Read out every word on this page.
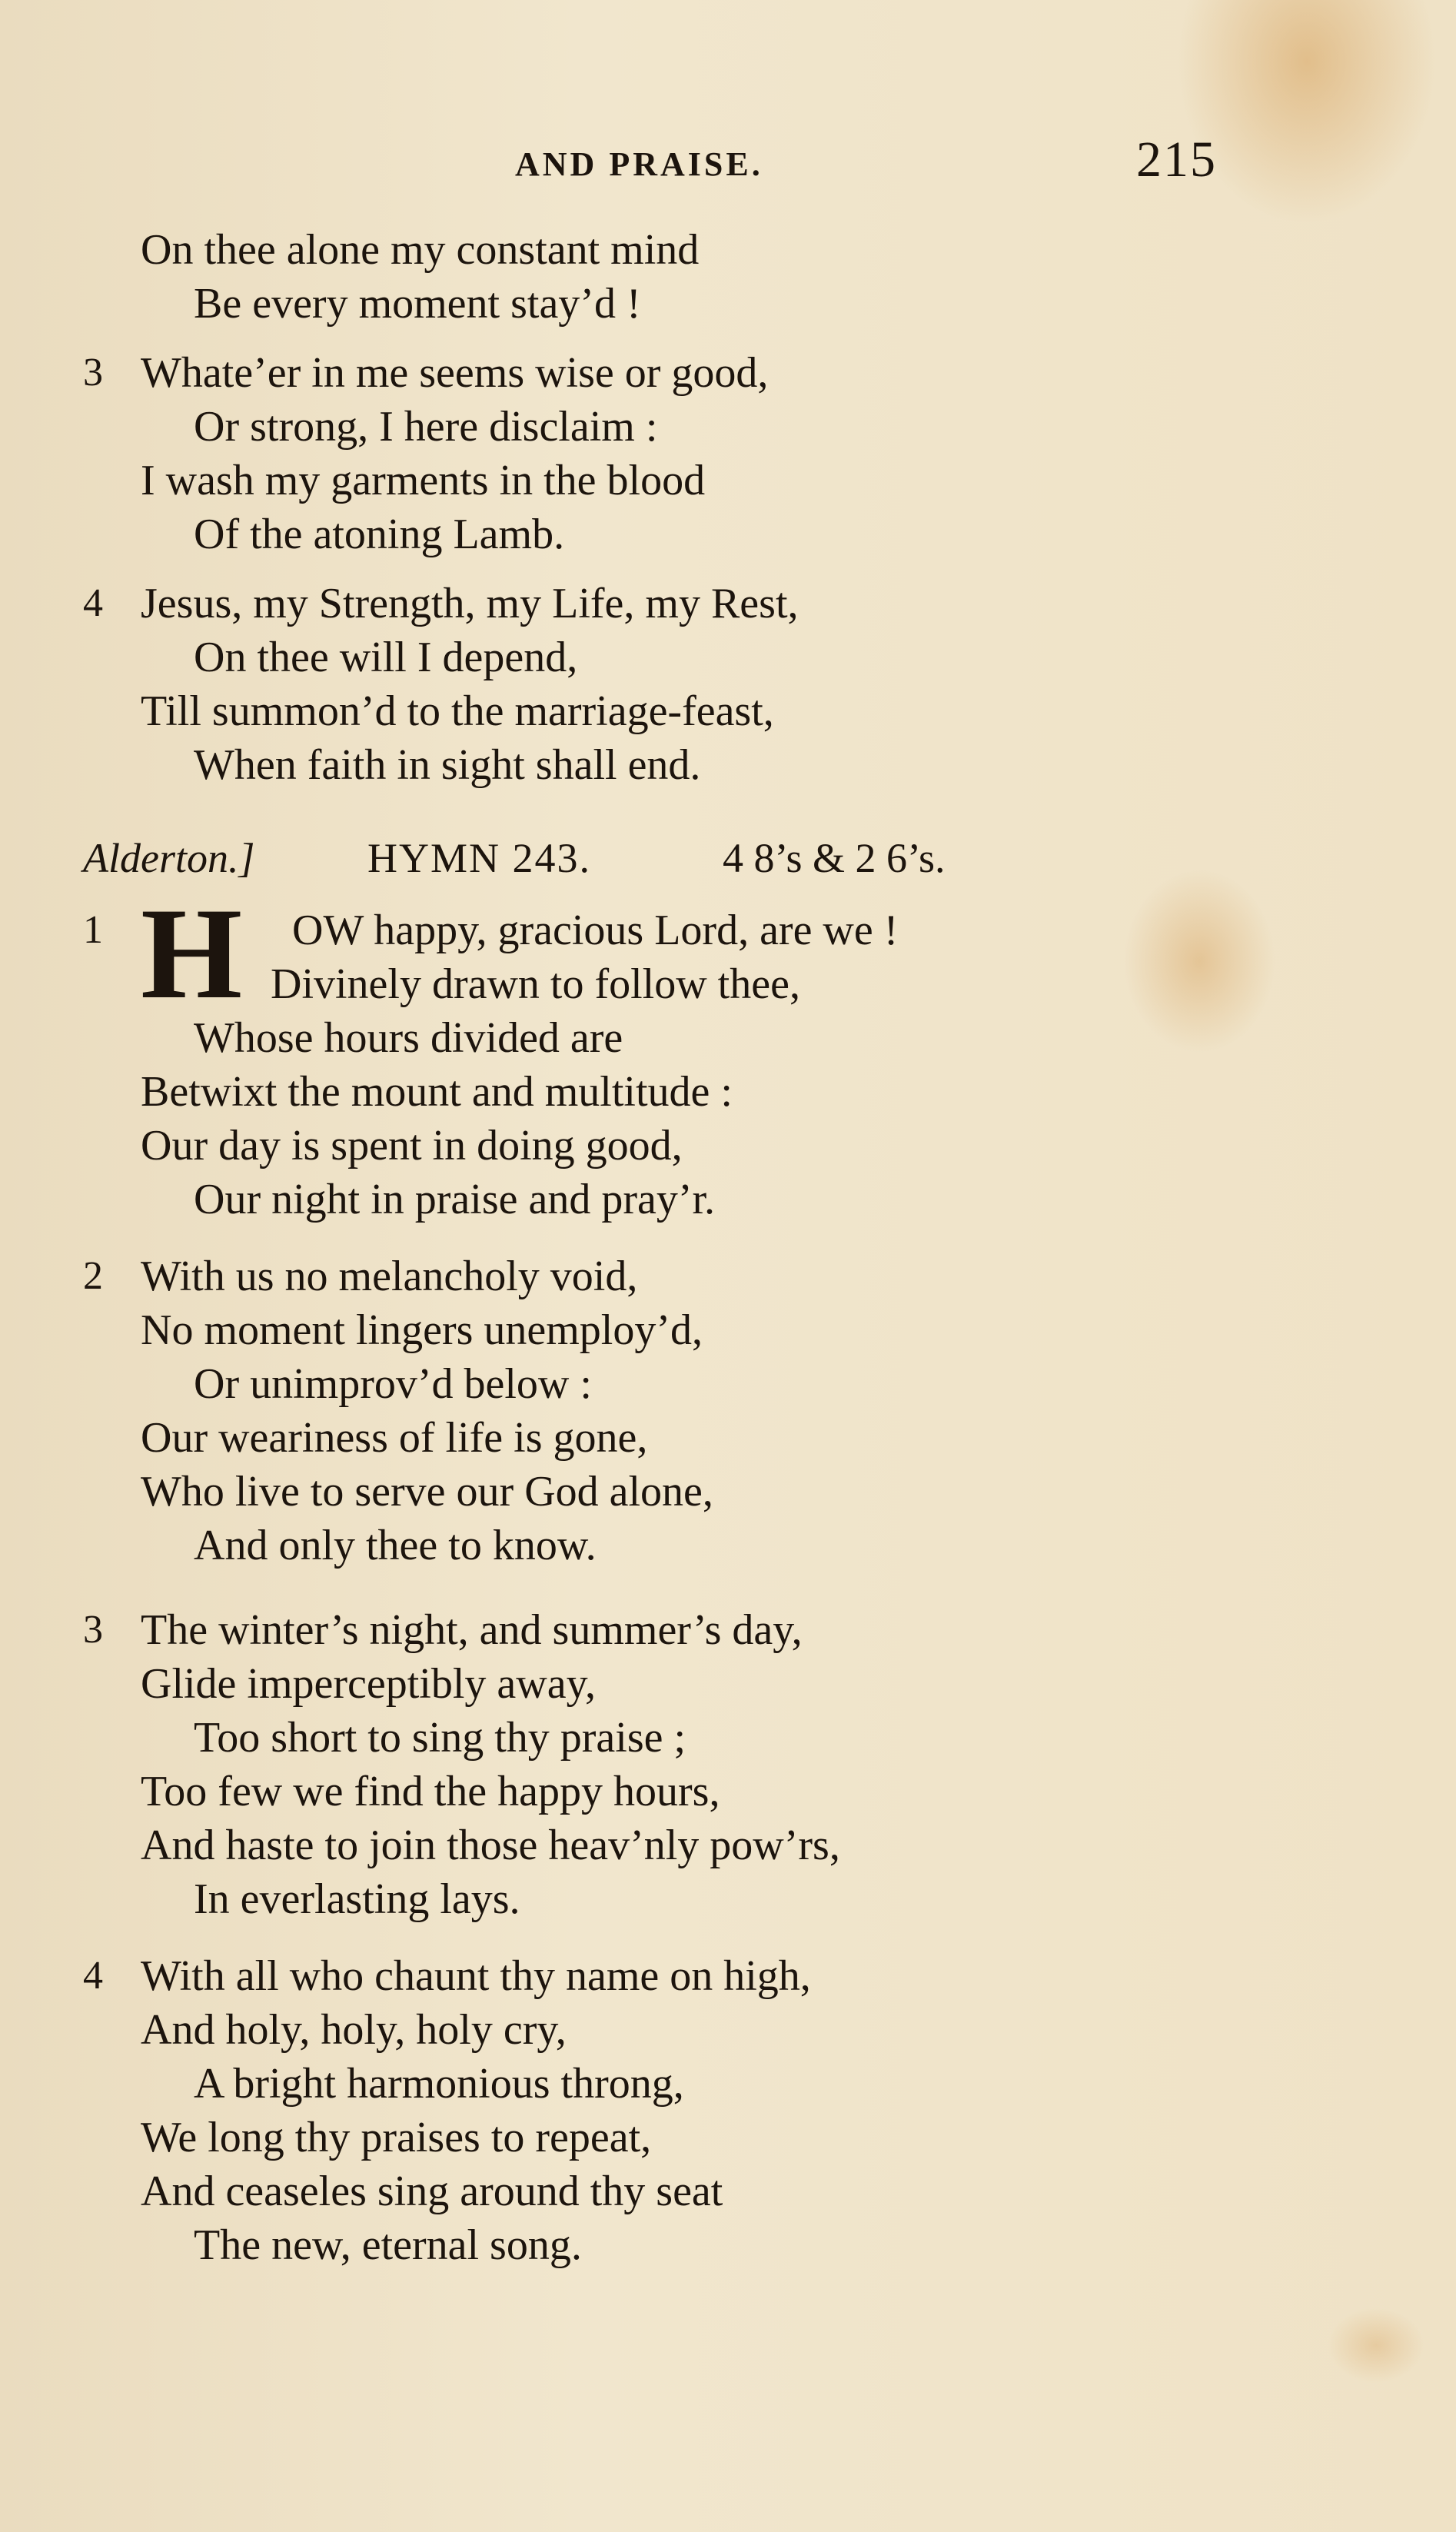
AND PRAISE.	215
On thee alone my constant mind
Be every moment stay’d !
3 Whate’er in me seems wise or good,
Or strong, I here disclaim :
I wash my garments in the blood
Of the atoning Lamb.
4 Jesus, my Strength, my Life, my Rest,
On thee will I depend,
Till summon’d to the marriage-feast,
When faith in sight shall end.
Alderton.]	HYMN 243.	4 8’s & 2 6’s.
1	OW happy, gracious Lord, are we !
Divinely drawn to follow thee,
Whose hours divided are
Betwixt the mount and multitude :
Our day is spent in doing good,
Our night in praise and pray’r.
H
2 With us no melancholy void,
No moment lingers unemploy’d,
Or unimprov’d below :
Our weariness of life is gone,
Who live to serve our God alone,
And only thee to know.
3 The winter’s night, and summer’s day,
Glide imperceptibly away,
Too short to sing thy praise ;
Too few we find the happy hours,
And haste to join those heav’nly pow’rs,
In everlasting lays.
4 With all who chaunt thy name on high,
And holy, holy, holy cry,
A bright harmonious throng,
We long thy praises to repeat,
And ceaseles sing around thy seat
The new, eternal song.
